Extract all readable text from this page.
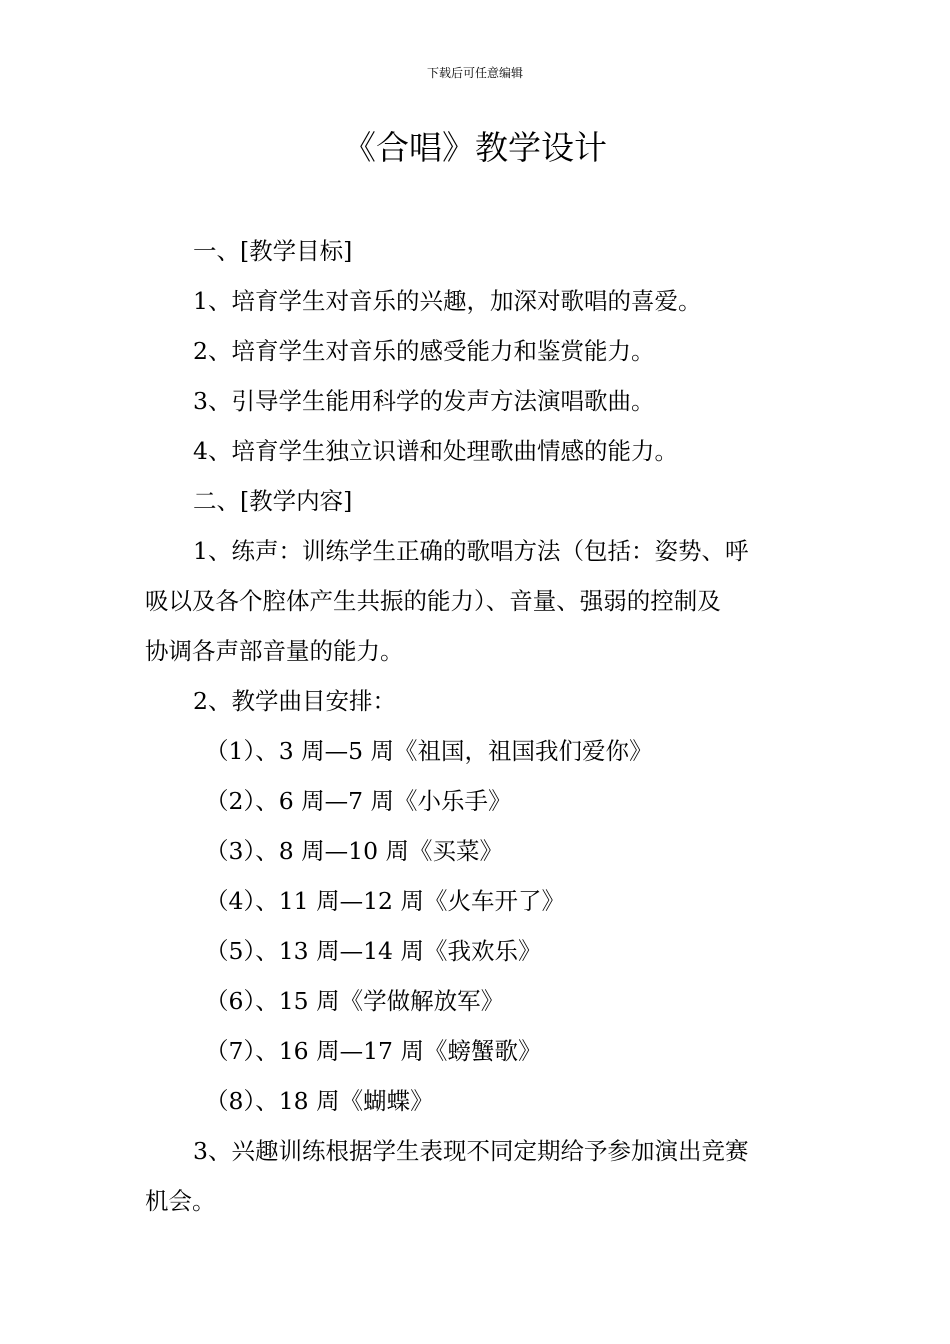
下载后可任意编辑
《合唱》教学设计
一、[教学目标]
1、培育学生对音乐的兴趣，加深对歌唱的喜爱。
2、培育学生对音乐的感受能力和鉴赏能力。
3、引导学生能用科学的发声方法演唱歌曲。
4、培育学生独立识谱和处理歌曲情感的能力。
二、[教学内容]
1、练声：训练学生正确的歌唱方法（包括：姿势、呼
吸以及各个腔体产生共振的能力）、音量、强弱的控制及
协调各声部音量的能力。
2、教学曲目安排：
（1）、3 周—5 周《祖国，祖国我们爱你》
（2）、6 周—7 周《小乐手》
（3）、8 周—10 周《买菜》
（4）、11 周—12 周《火车开了》
（5）、13 周—14 周《我欢乐》
（6）、15 周《学做解放军》
（7）、16 周—17 周《螃蟹歌》
（8）、18 周《蝴蝶》
3、兴趣训练根据学生表现不同定期给予参加演出竞赛
机会。
